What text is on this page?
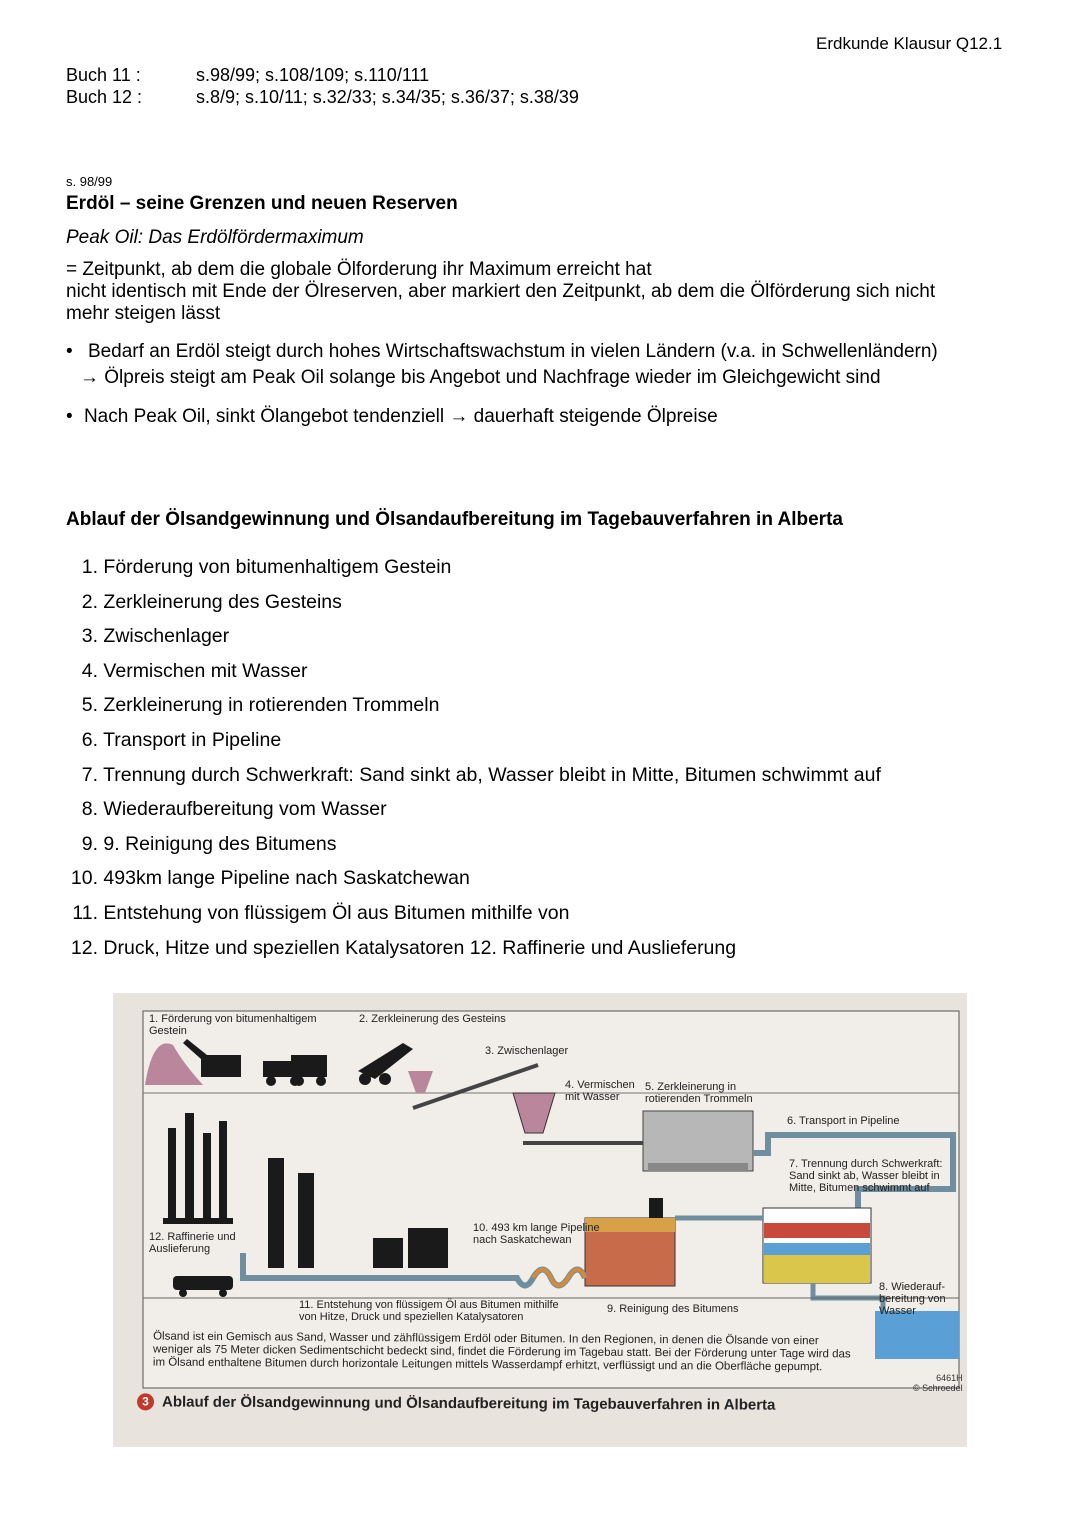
Erdkunde Klausur Q12.1
Buch 11 :	s.98/99; s.108/109; s.110/111
Buch 12 :	s.8/9; s.10/11; s.32/33; s.34/35; s.36/37; s.38/39
s. 98/99
Erdöl – seine Grenzen und neuen Reserven
Peak Oil: Das Erdölfördermaximum
= Zeitpunkt, ab dem die globale Ölforderung ihr Maximum erreicht hat
nicht identisch mit Ende der Ölreserven, aber markiert den Zeitpunkt, ab dem die Ölförderung sich nicht
mehr steigen lässt
• Bedarf an Erdöl steigt durch hohes Wirtschaftswachstum in vielen Ländern (v.a. in Schwellenländern)
→ Ölpreis steigt am Peak Oil solange bis Angebot und Nachfrage wieder im Gleichgewicht sind
• Nach Peak Oil, sinkt Ölangebot tendenziell → dauerhaft steigende Ölpreise
Ablauf der Ölsandgewinnung und Ölsandaufbereitung im Tagebauverfahren in Alberta
1. Förderung von bitumenhaltigem Gestein
2. Zerkleinerung des Gesteins
3. Zwischenlager
4. Vermischen mit Wasser
5. Zerkleinerung in rotierenden Trommeln
6. Transport in Pipeline
7. Trennung durch Schwerkraft: Sand sinkt ab, Wasser bleibt in Mitte, Bitumen schwimmt auf
8. Wiederaufbereitung vom Wasser
9. 9. Reinigung des Bitumens
10. 493km lange Pipeline nach Saskatchewan
11. Entstehung von flüssigem Öl aus Bitumen mithilfe von
12. Druck, Hitze und speziellen Katalysatoren 12. Raffinerie und Auslieferung
1. Förderung von bitumenhaltigem Gestein
2. Zerkleinerung des Gesteins
3. Zwischenlager
4. Vermischen mit Wasser
5. Zerkleinerung in rotierenden Trommeln
6. Transport in Pipeline
7. Trennung durch Schwerkraft: Sand sinkt ab, Wasser bleibt in Mitte, Bitumen schwimmt auf
8. Wiederauf- bereitung von Wasser
9. Reinigung des Bitumens
10. 493 km lange Pipeline nach Saskatchewan
11. Entstehung von flüssigem Öl aus Bitumen mithilfe von Hitze, Druck und speziellen Katalysatoren
12. Raffinerie und Auslieferung
Ölsand ist ein Gemisch aus Sand, Wasser und zähflüssigem Erdöl oder Bitumen. In den Regionen, in denen die Ölsande von einer weniger als 75 Meter dicken Sedimentschicht bedeckt sind, findet die Förderung im Tagebau statt. Bei der Förderung unter Tage wird das im Ölsand enthaltene Bitumen durch horizontale Leitungen mittels Wasserdampf erhitzt, verflüssigt und an die Oberfläche gepumpt.
6461H
© Schroedel
3 Ablauf der Ölsandgewinnung und Ölsandaufbereitung im Tagebauverfahren in Alberta
